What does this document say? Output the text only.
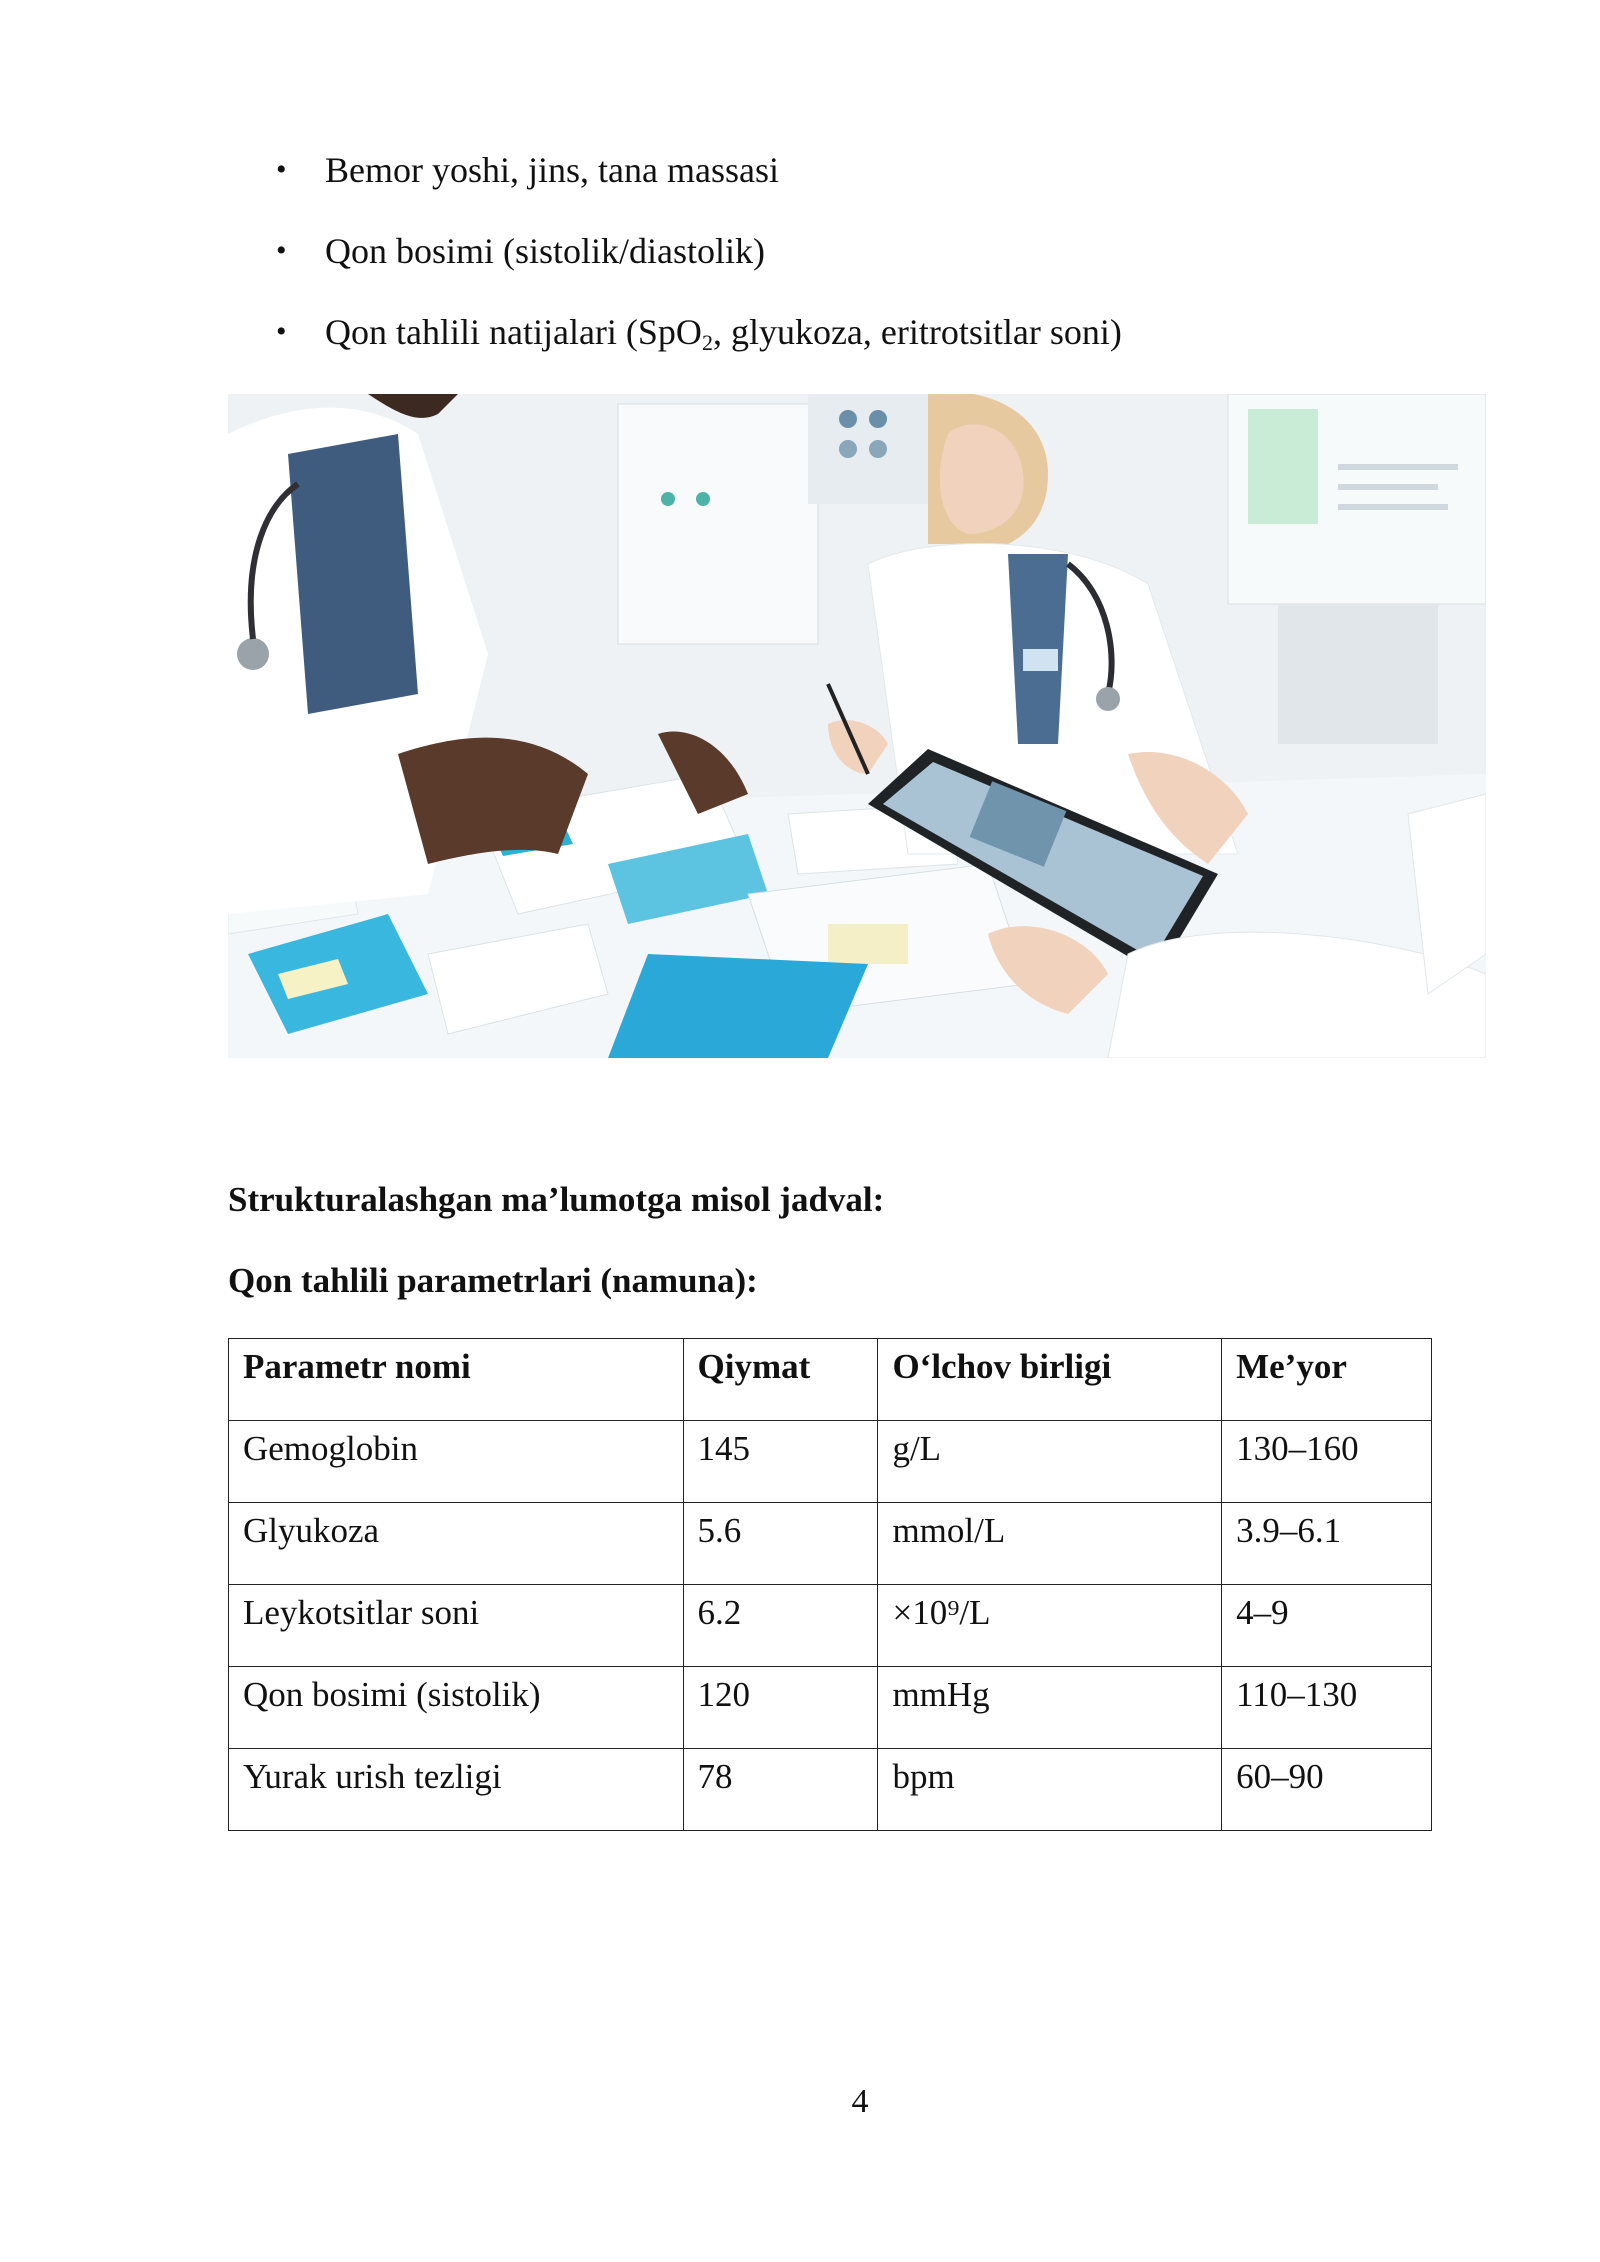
• Bemor yoshi, jins, tana massasi
• Qon bosimi (sistolik/diastolik)
• Qon tahlili natijalari (SpO$_2$, glyukoza, eritrotsitlar soni)

Strukturalashgan ma’lumotga misol jadval:

Qon tahlili parametrlari (namuna):

Parametr nomi	Qiymat	O‘lchov birligi	Me’yor
Gemoglobin	145	g/L	130–160
Glyukoza	5.6	mmol/L	3.9–6.1
Leykotsitlar soni	6.2	×10⁹/L	4–9
Qon bosimi (sistolik)	120	mmHg	110–130
Yurak urish tezligi	78	bpm	60–90
4
